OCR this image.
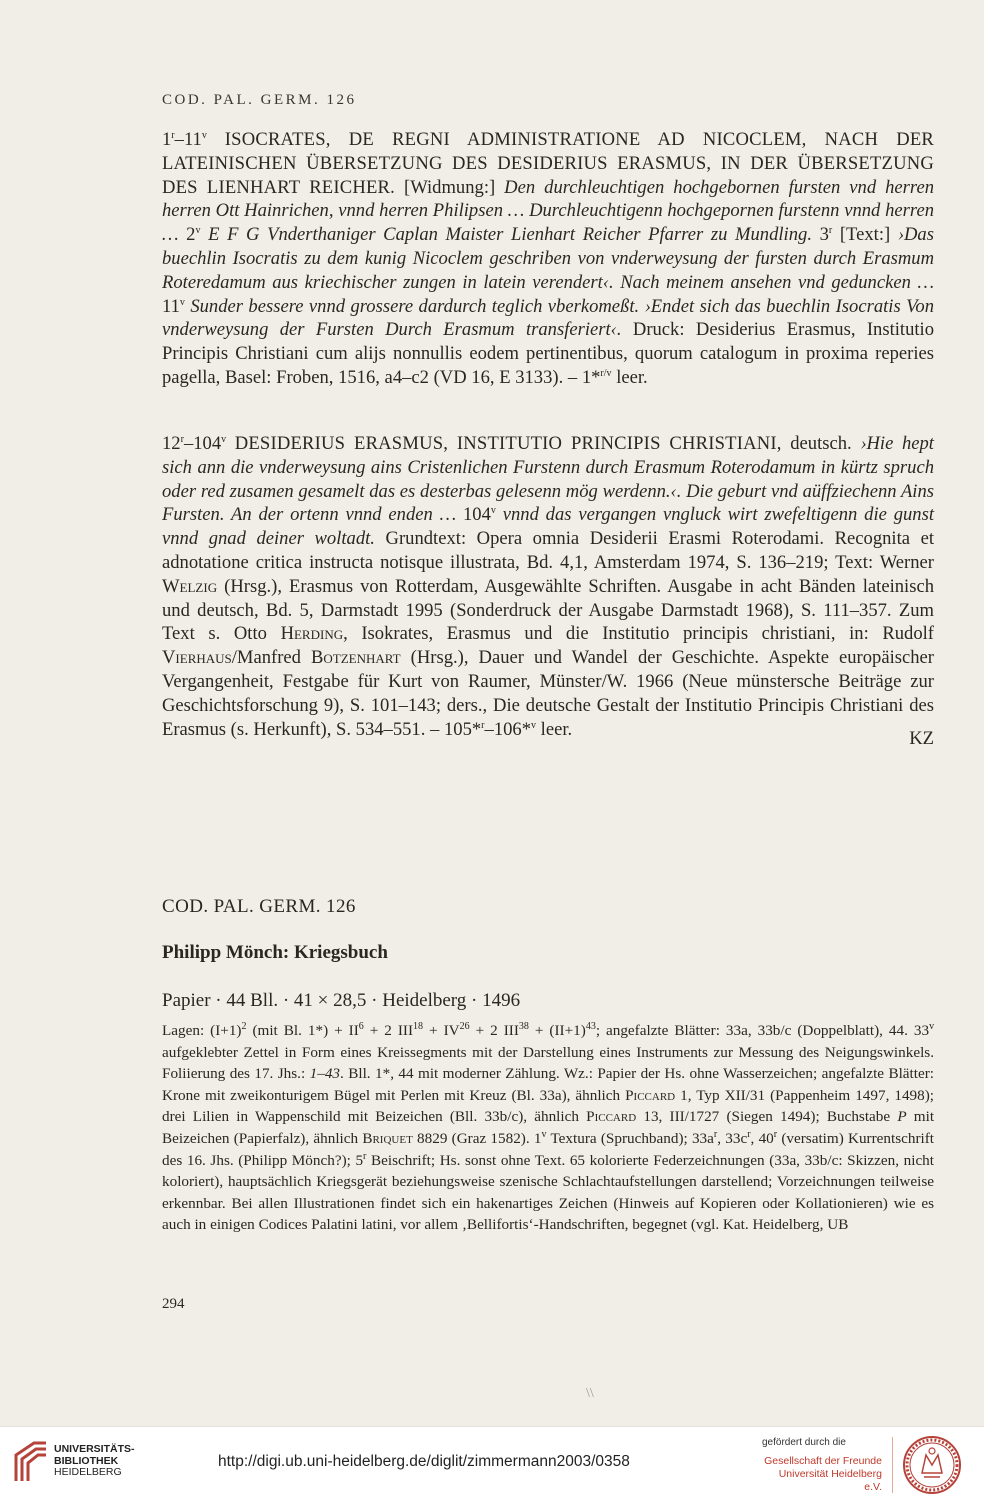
COD. PAL. GERM. 126
1$^r$–11$^v$ ISOCRATES, DE REGNI ADMINISTRATIONE AD NICOCLEM, NACH DER LATEINISCHEN ÜBERSETZUNG DES DESIDERIUS ERASMUS, IN DER ÜBERSETZUNG DES LIENHART REICHER. [Widmung:] Den durchleuchtigen hochgebornen fursten vnd herren herren Ott Hainrichen, vnnd herren Philipsen … Durchleuchtigenn hochgepornen furstenn vnnd herren … 2$^v$ E F G Vnderthaniger Caplan Maister Lienhart Reicher Pfarrer zu Mundling. 3$^r$ [Text:] ›Das buechlin Isocratis zu dem kunig Nicoclem geschriben von vnderweysung der fursten durch Erasmum Roteredamum aus kriechischer zungen in latein verendert‹. Nach meinem ansehen vnd geduncken … 11$^v$ Sunder bessere vnnd grossere dardurch teglich vberkomeßt. ›Endet sich das buechlin Isocratis Von vnderweysung der Fursten Durch Erasmum transferiert‹. Druck: Desiderius Erasmus, Institutio Principis Christiani cum alijs nonnullis eodem pertinentibus, quorum catalogum in proxima reperies pagella, Basel: Froben, 1516, a4–c2 (VD 16, E 3133). – 1*$^{r/v}$ leer.
12$^r$–104$^v$ DESIDERIUS ERASMUS, INSTITUTIO PRINCIPIS CHRISTIANI, deutsch. ›Hie hept sich ann die vnderweysung ains Cristenlichen Furstenn durch Erasmum Roterodamum in kürtz spruch oder red zusamen gesamelt das es desterbas gelesenn mög werdenn.‹. Die geburt vnd aüffziechenn Ains Fursten. An der ortenn vnnd enden … 104$^v$ vnnd das vergangen vngluck wirt zwefeltigenn die gunst vnnd gnad deiner woltadt. Grundtext: Opera omnia Desiderii Erasmi Roterodami. Recognita et adnotatione critica instructa notisque illustrata, Bd. 4,1, Amsterdam 1974, S. 136–219; Text: Werner Welzig (Hrsg.), Erasmus von Rotterdam, Ausgewählte Schriften. Ausgabe in acht Bänden lateinisch und deutsch, Bd. 5, Darmstadt 1995 (Sonderdruck der Ausgabe Darmstadt 1968), S. 111–357. Zum Text s. Otto Herding, Isokrates, Erasmus und die Institutio principis christiani, in: Rudolf Vierhaus/Manfred Botzenhart (Hrsg.), Dauer und Wandel der Geschichte. Aspekte europäischer Vergangenheit, Festgabe für Kurt von Raumer, Münster/W. 1966 (Neue münstersche Beiträge zur Geschichtsforschung 9), S. 101–143; ders., Die deutsche Gestalt der Institutio Principis Christiani des Erasmus (s. Herkunft), S. 534–551. – 105*$^r$–106*$^v$ leer.	KZ
COD. PAL. GERM. 126
Philipp Mönch: Kriegsbuch
Papier · 44 Bll. · 41 × 28,5 · Heidelberg · 1496
Lagen: $(I+1)^2$ (mit Bl. $1*) + II^6 + 2$ $III^{18} + IV^{26} + 2$ $III^{38} + (II+1)^{43}$; angefalzte Blätter: 33a, 33b/c (Doppelblatt), 44. 33$^v$ aufgeklebter Zettel in Form eines Kreissegments mit der Darstellung eines Instruments zur Messung des Neigungswinkels. Foliierung des 17. Jhs.: 1–43. Bll. 1*, 44 mit moderner Zählung. Wz.: Papier der Hs. ohne Wasserzeichen; angefalzte Blätter: Krone mit zweikonturigem Bügel mit Perlen mit Kreuz (Bl. 33a), ähnlich Piccard 1, Typ XII/31 (Pappenheim 1497, 1498); drei Lilien in Wappenschild mit Beizeichen (Bll. 33b/c), ähnlich Piccard 13, III/1727 (Siegen 1494); Buchstabe P mit Beizeichen (Papierfalz), ähnlich Briquet 8829 (Graz 1582). 1$^v$ Textura (Spruchband); $33a^r$, $33c^r$, 40$^r$ (versatim) Kurrentschrift des 16. Jhs. (Philipp Mönch?); 5$^r$ Beischrift; Hs. sonst ohne Text. 65 kolorierte Federzeichnungen (33a, 33b/c: Skizzen, nicht koloriert), hauptsächlich Kriegsgerät beziehungsweise szenische Schlachtaufstellungen darstellend; Vorzeichnungen teilweise erkennbar. Bei allen Illustrationen findet sich ein hakenartiges Zeichen (Hinweis auf Kopieren oder Kollationieren) wie es auch in einigen Codices Palatini latini, vor allem ‚Bellifortis‘-Handschriften, begegnet (vgl. Kat. Heidelberg, UB
294
\\
UNIVERSITÄTS-
BIBLIOTHEK
HEIDELBERG
http://digi.ub.uni-heidelberg.de/diglit/zimmermann2003/0358
gefördert durch die
Gesellschaft der Freunde
Universität Heidelberg e.V.
